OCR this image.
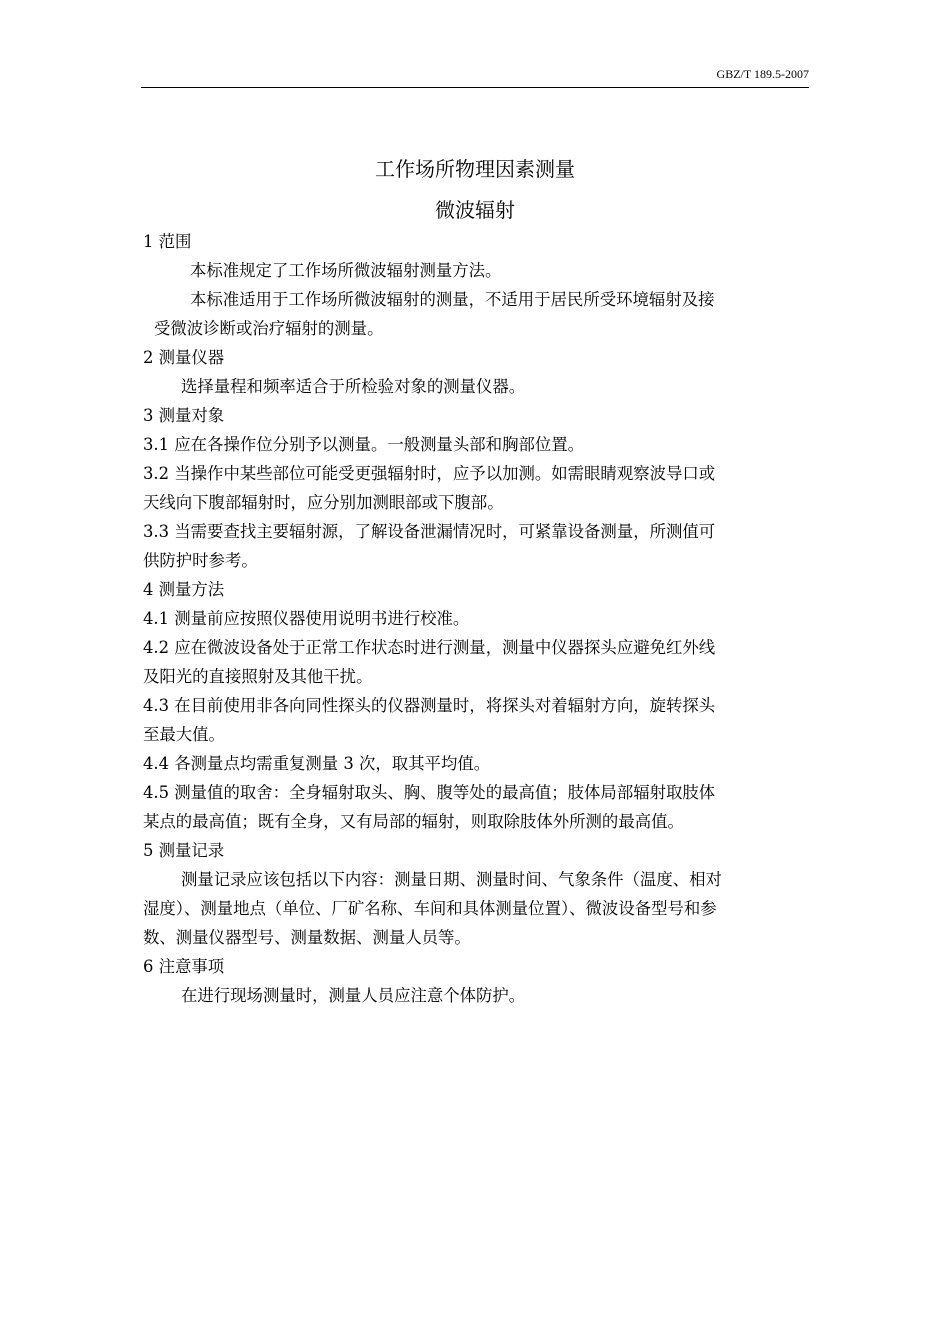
GBZ/T 189.5-2007
工作场所物理因素测量
微波辐射
1 范围
本标准规定了工作场所微波辐射测量方法。
本标准适用于工作场所微波辐射的测量，不适用于居民所受环境辐射及接
受微波诊断或治疗辐射的测量。
2 测量仪器
选择量程和频率适合于所检验对象的测量仪器。
3 测量对象
3.1 应在各操作位分别予以测量。一般测量头部和胸部位置。
3.2 当操作中某些部位可能受更强辐射时，应予以加测。如需眼睛观察波导口或
天线向下腹部辐射时，应分别加测眼部或下腹部。
3.3 当需要查找主要辐射源，了解设备泄漏情况时，可紧靠设备测量，所测值可
供防护时参考。
4 测量方法
4.1 测量前应按照仪器使用说明书进行校准。
4.2 应在微波设备处于正常工作状态时进行测量，测量中仪器探头应避免红外线
及阳光的直接照射及其他干扰。
4.3 在目前使用非各向同性探头的仪器测量时，将探头对着辐射方向，旋转探头
至最大值。
4.4 各测量点均需重复测量 3 次，取其平均值。
4.5 测量值的取舍：全身辐射取头、胸、腹等处的最高值；肢体局部辐射取肢体
某点的最高值；既有全身，又有局部的辐射，则取除肢体外所测的最高值。
5 测量记录
测量记录应该包括以下内容：测量日期、测量时间、气象条件（温度、相对
湿度）、测量地点（单位、厂矿名称、车间和具体测量位置）、微波设备型号和参
数、测量仪器型号、测量数据、测量人员等。
6 注意事项
在进行现场测量时，测量人员应注意个体防护。
